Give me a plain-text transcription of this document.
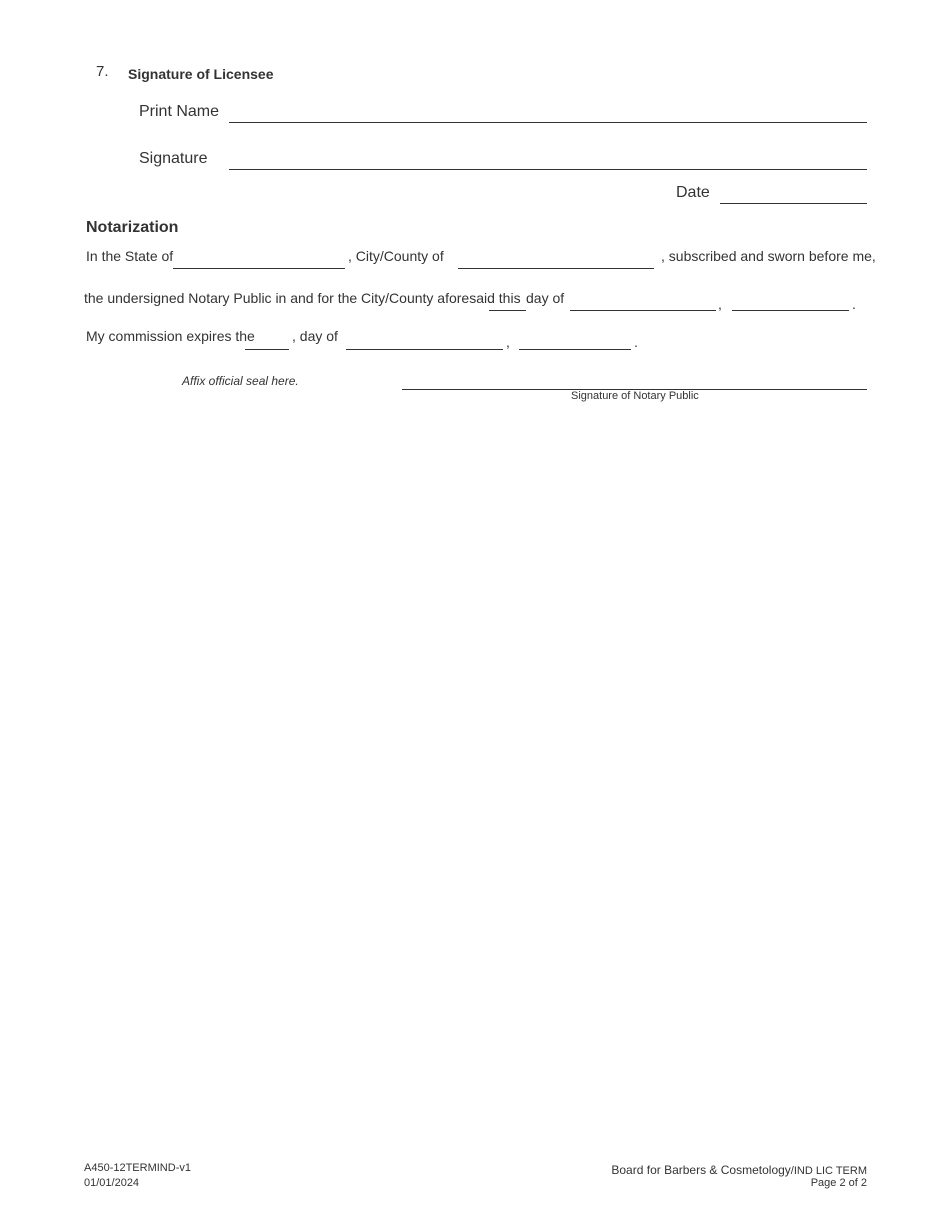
7. Signature of Licensee
Print Name
Signature
Date
Notarization
In the State of	, City/County of	, subscribed and sworn before me,
the undersigned Notary Public in and for the City/County aforesaid this day of	,	.
My commission expires the	, day of	,	.
Affix official seal here.
Signature of Notary Public
A450-12TERMIND-v1
01/01/2024
Board for Barbers & Cosmetology/IND LIC TERM
Page 2 of 2
